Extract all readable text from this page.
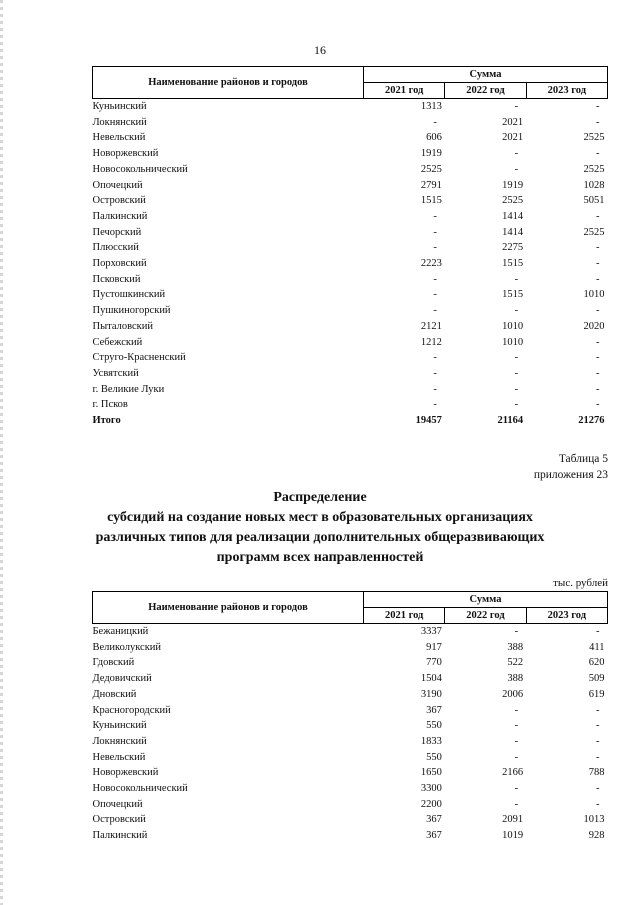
16
Наименование районов и городов	Сумма		
	2021 год	2022 год	2023 год
Куньинский	1313	-	-
Локнянский	-	2021	-
Невельский	606	2021	2525
Новоржевский	1919	-	-
Новосокольнический	2525	-	2525
Опочецкий	2791	1919	1028
Островский	1515	2525	5051
Палкинский	-	1414	-
Печорский	-	1414	2525
Плюсский	-	2275	-
Порховский	2223	1515	-
Псковский	-	-	-
Пустошкинский	-	1515	1010
Пушкиногорский	-	-	-
Пыталовский	2121	1010	2020
Себежский	1212	1010	-
Струго-Красненский	-	-	-
Усвятский	-	-	-
г. Великие Луки	-	-	-
г. Псков	-	-	-
Итого	19457	21164	21276
Таблица 5
приложения 23
Распределение
субсидий на создание новых мест в образовательных организациях
различных типов для реализации дополнительных общеразвивающих
программ всех направленностей
тыс. рублей
Наименование районов и городов	Сумма		
	2021 год	2022 год	2023 год
Бежаницкий	3337	-	-
Великолукский	917	388	411
Гдовский	770	522	620
Дедовичский	1504	388	509
Дновский	3190	2006	619
Красногородский	367	-	-
Куньинский	550	-	-
Локнянский	1833	-	-
Невельский	550	-	-
Новоржевский	1650	2166	788
Новосокольнический	3300	-	-
Опочецкий	2200	-	-
Островский	367	2091	1013
Палкинский	367	1019	928
